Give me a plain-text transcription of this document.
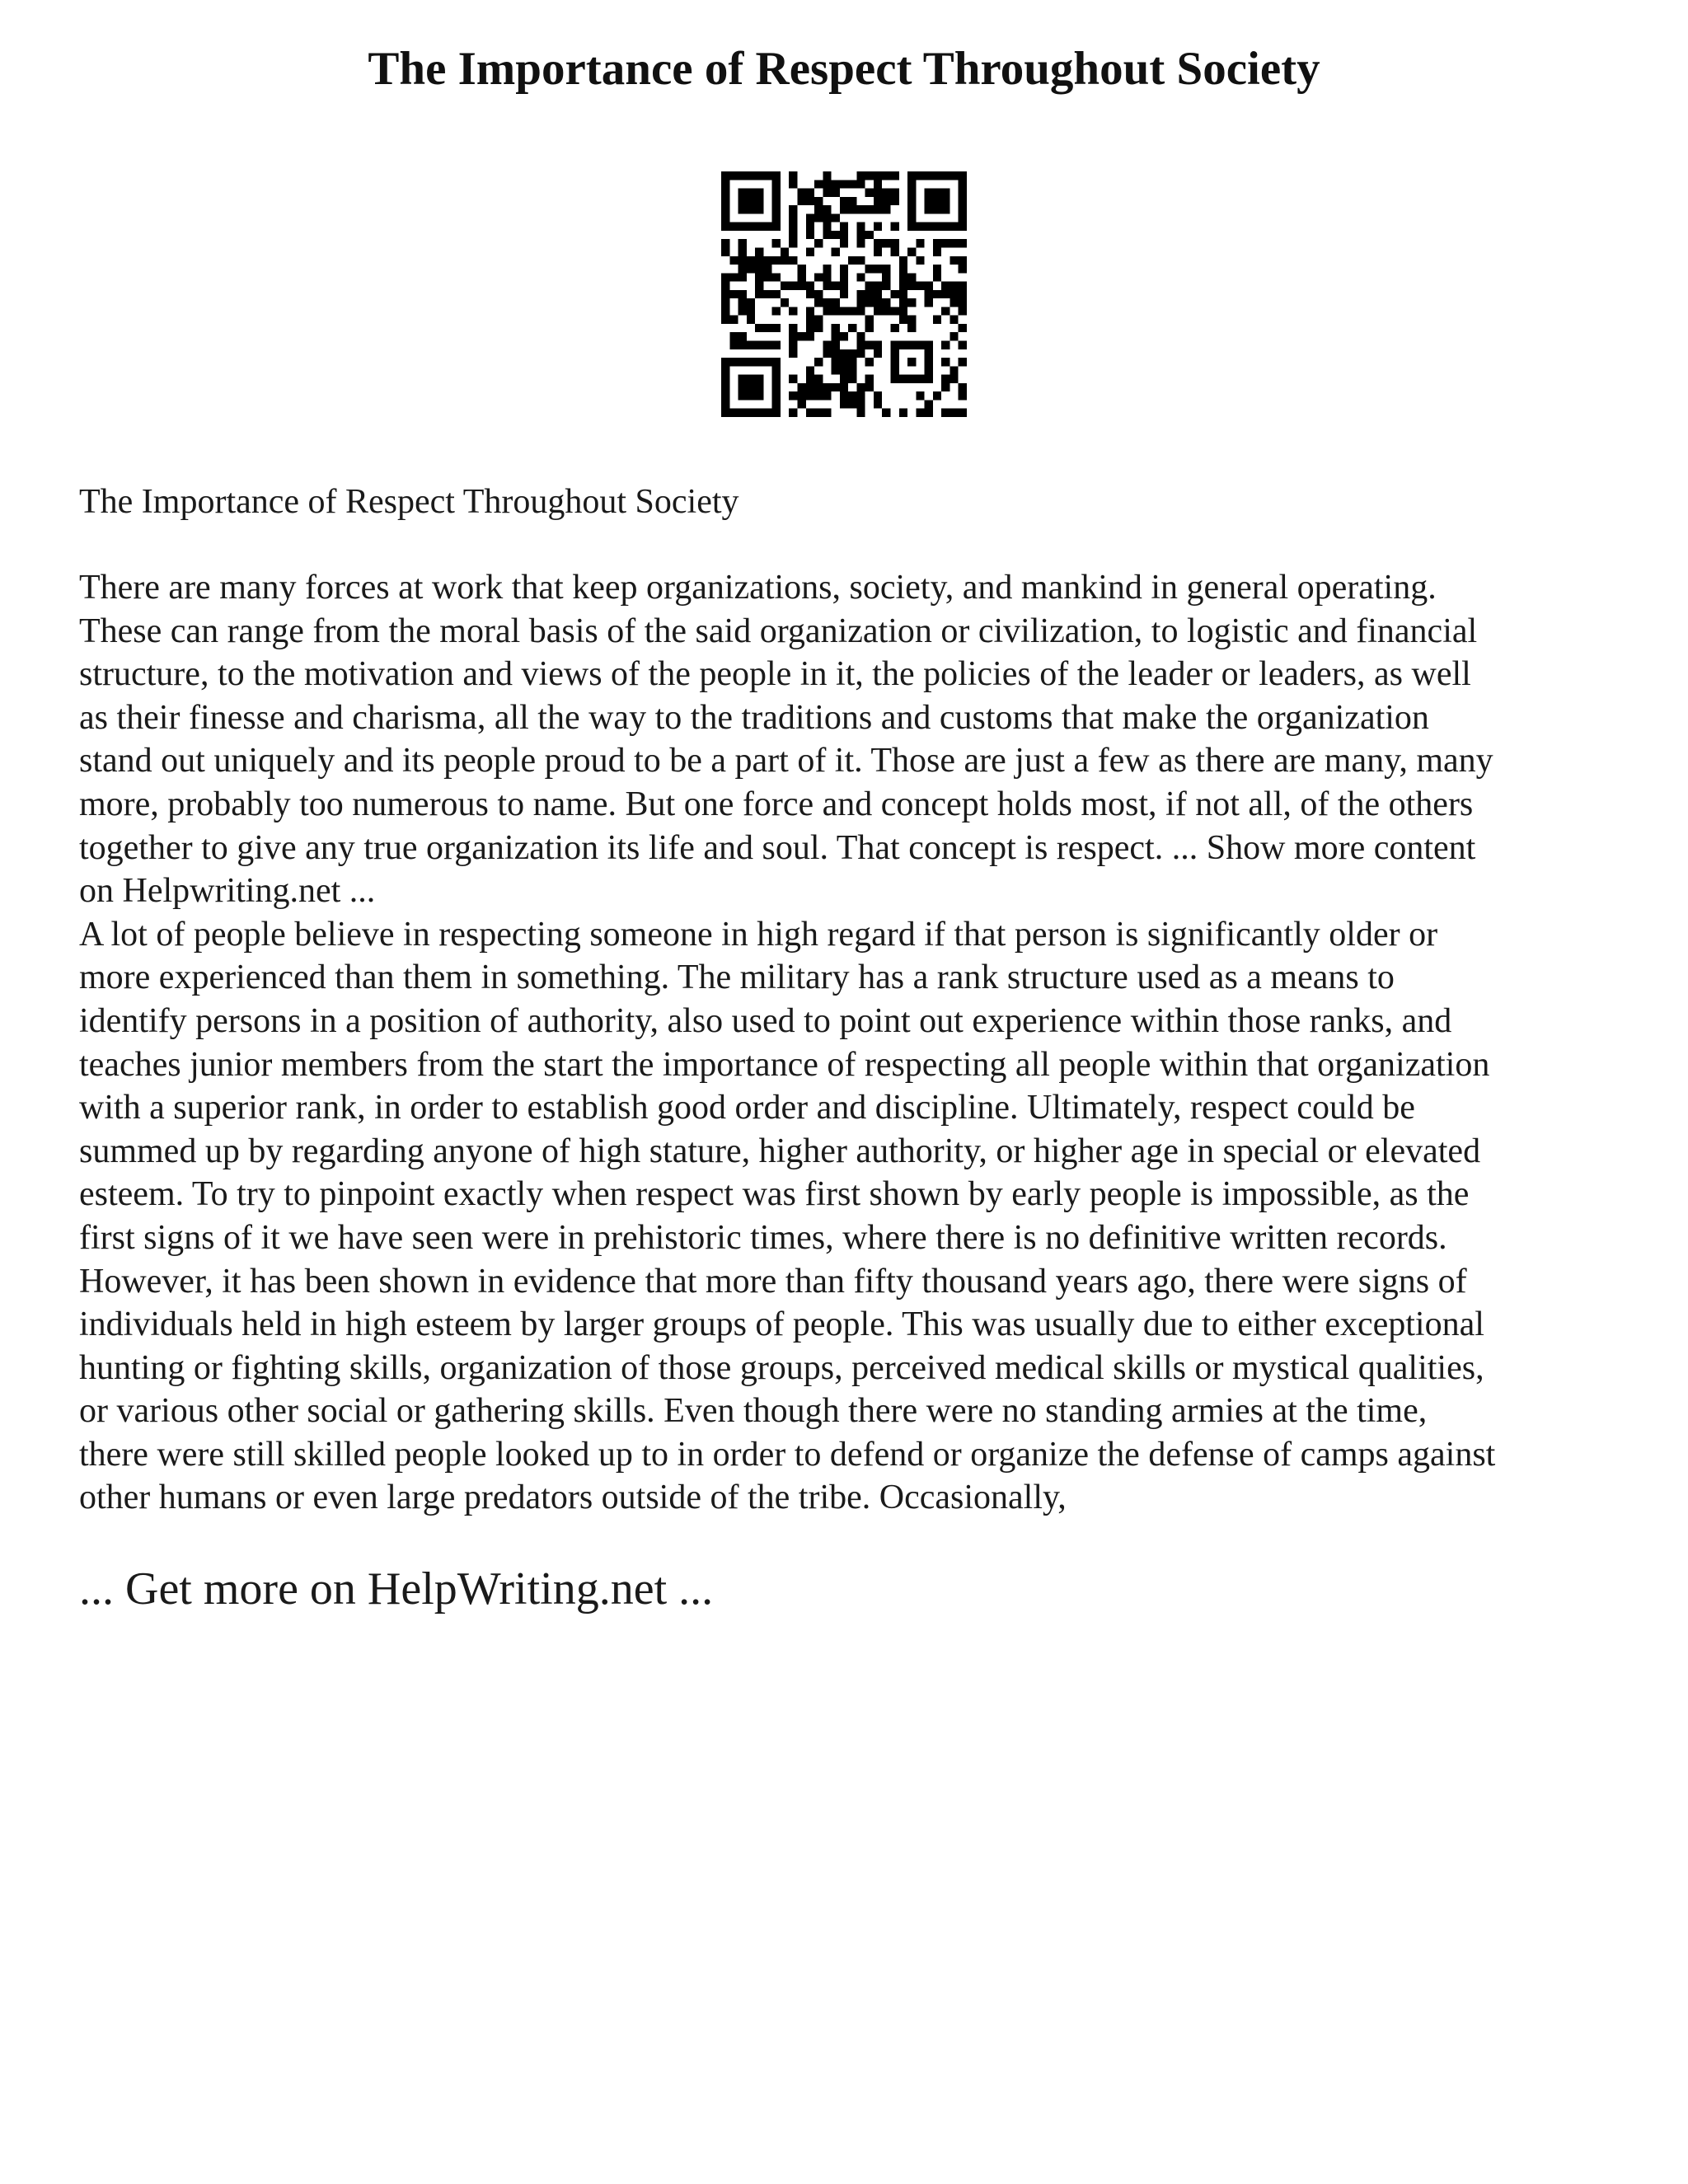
The Importance of Respect Throughout Society
The Importance of Respect Throughout Society

There are many forces at work that keep organizations, society, and mankind in general operating.
These can range from the moral basis of the said organization or civilization, to logistic and financial
structure, to the motivation and views of the people in it, the policies of the leader or leaders, as well
as their finesse and charisma, all the way to the traditions and customs that make the organization
stand out uniquely and its people proud to be a part of it. Those are just a few as there are many, many
more, probably too numerous to name. But one force and concept holds most, if not all, of the others
together to give any true organization its life and soul. That concept is respect. ... Show more content
on Helpwriting.net ...

A lot of people believe in respecting someone in high regard if that person is significantly older or
more experienced than them in something. The military has a rank structure used as a means to
identify persons in a position of authority, also used to point out experience within those ranks, and
teaches junior members from the start the importance of respecting all people within that organization
with a superior rank, in order to establish good order and discipline. Ultimately, respect could be
summed up by regarding anyone of high stature, higher authority, or higher age in special or elevated
esteem. To try to pinpoint exactly when respect was first shown by early people is impossible, as the
first signs of it we have seen were in prehistoric times, where there is no definitive written records.
However, it has been shown in evidence that more than fifty thousand years ago, there were signs of
individuals held in high esteem by larger groups of people. This was usually due to either exceptional
hunting or fighting skills, organization of those groups, perceived medical skills or mystical qualities,
or various other social or gathering skills. Even though there were no standing armies at the time,
there were still skilled people looked up to in order to defend or organize the defense of camps against
other humans or even large predators outside of the tribe. Occasionally,

... Get more on HelpWriting.net ...
